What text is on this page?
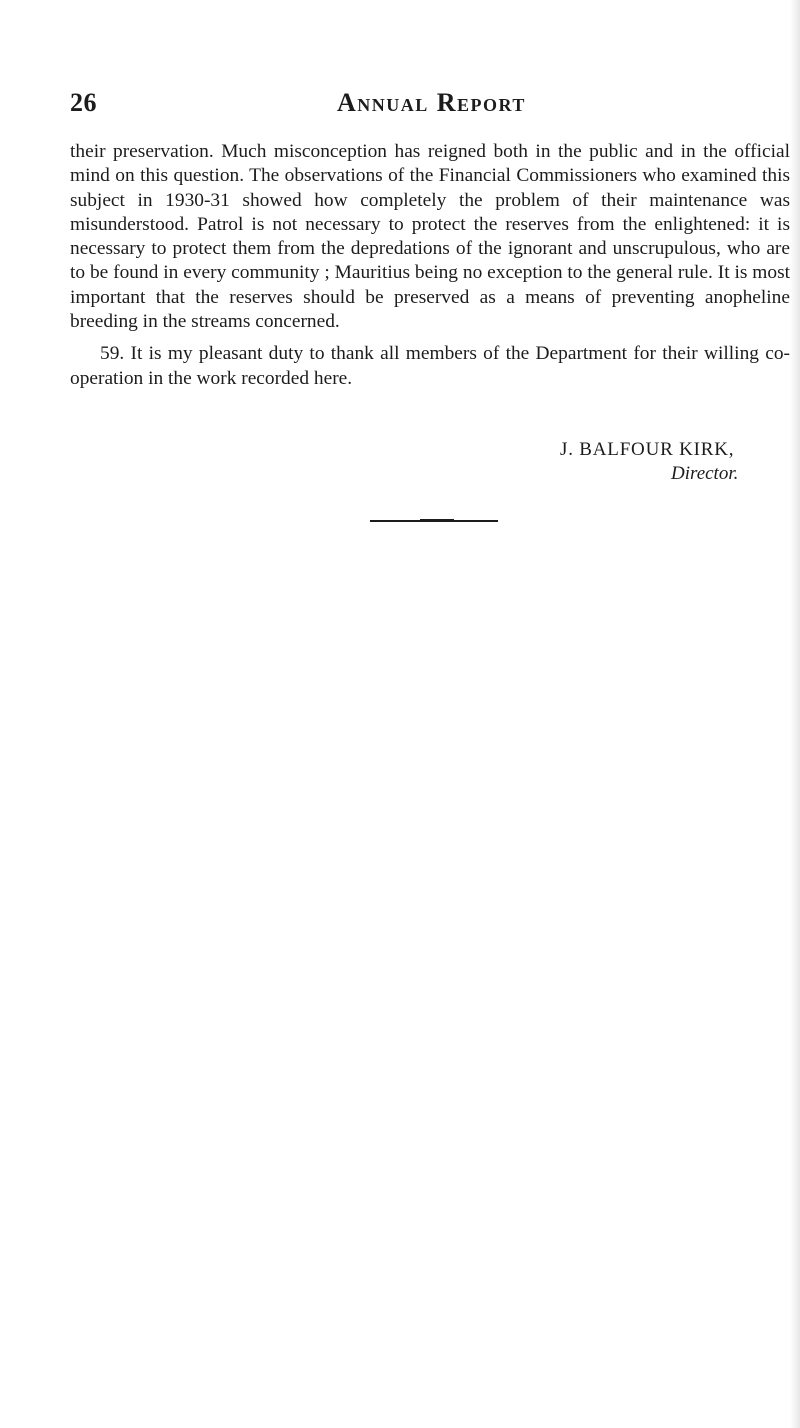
26	Annual Report

their preservation. Much misconception has reigned both in the public and in the official mind on this question. The observations of the Financial Commissioners who examined this subject in 1930-31 showed how completely the problem of their maintenance was misunderstood. Patrol is not necessary to protect the reserves from the enlightened: it is necessary to protect them from the depredations of the ignorant and unscrupulous, who are to be found in every community ; Mauritius being no exception to the general rule. It is most important that the reserves should be preserved as a means of preventing anopheline breeding in the streams concerned.

59. It is my pleasant duty to thank all members of the Department for their willing co-operation in the work recorded here.

J. BALFOUR KIRK,
Director.
